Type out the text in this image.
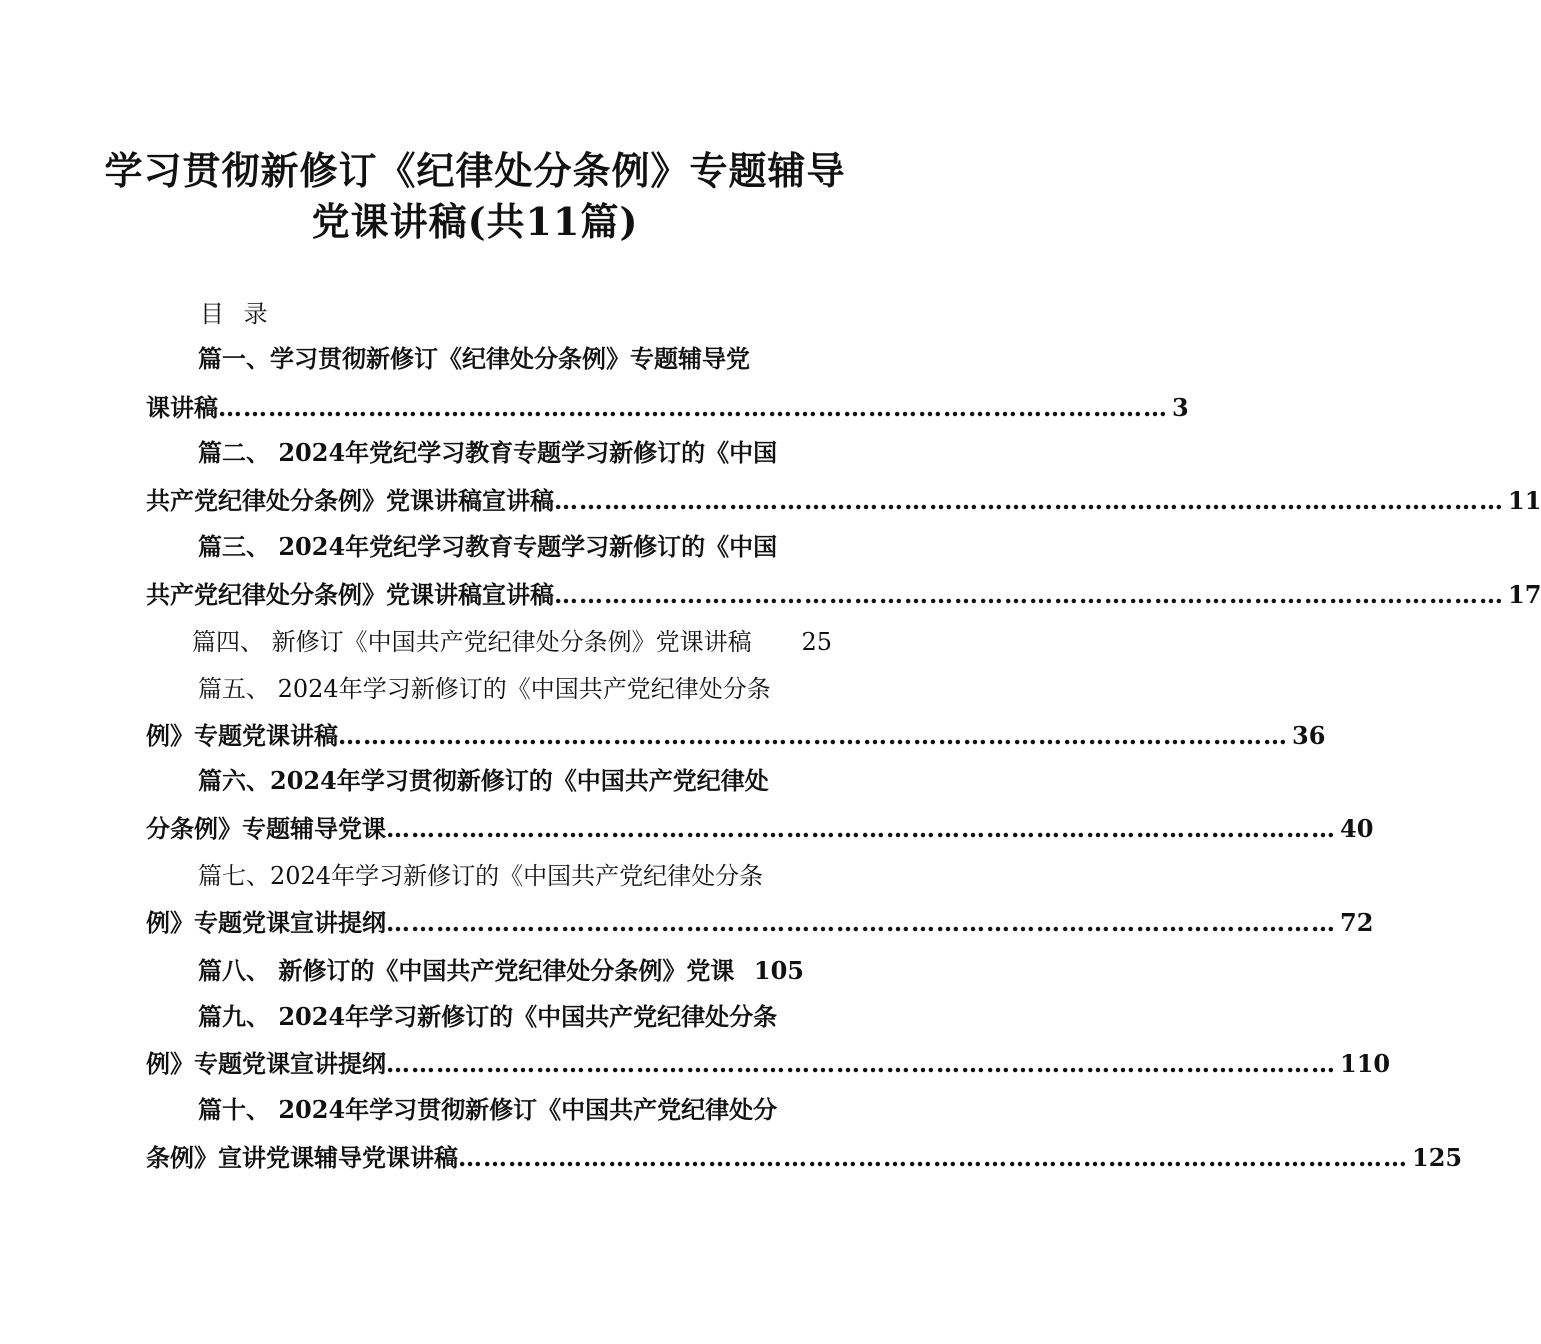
学习贯彻新修订《纪律处分条例》专题辅导
党课讲稿(共11篇)
目 录
篇一、学习贯彻新修订《纪律处分条例》专题辅导党
课讲稿 …………………………………………………………………………………………………… 3
篇二、 2024年党纪学习教育专题学习新修订的《中国
共产党纪律处分条例》党课讲稿宣讲稿 …………………………………………………………………………………………………… 11
篇三、 2024年党纪学习教育专题学习新修订的《中国
共产党纪律处分条例》党课讲稿宣讲稿 …………………………………………………………………………………………………… 17
篇四、 新修订《中国共产党纪律处分条例》党课讲稿 25
篇五、 2024年学习新修订的《中国共产党纪律处分条
例》专题党课讲稿 …………………………………………………………………………………………………… 36
篇六、2024年学习贯彻新修订的《中国共产党纪律处
分条例》专题辅导党课 …………………………………………………………………………………………………… 40
篇七、2024年学习新修订的《中国共产党纪律处分条
例》专题党课宣讲提纲 …………………………………………………………………………………………………… 72
篇八、 新修订的《中国共产党纪律处分条例》党课 105
篇九、 2024年学习新修订的《中国共产党纪律处分条
例》专题党课宣讲提纲 …………………………………………………………………………………………………… 110
篇十、 2024年学习贯彻新修订《中国共产党纪律处分
条例》宣讲党课辅导党课讲稿 …………………………………………………………………………………………………… 125
